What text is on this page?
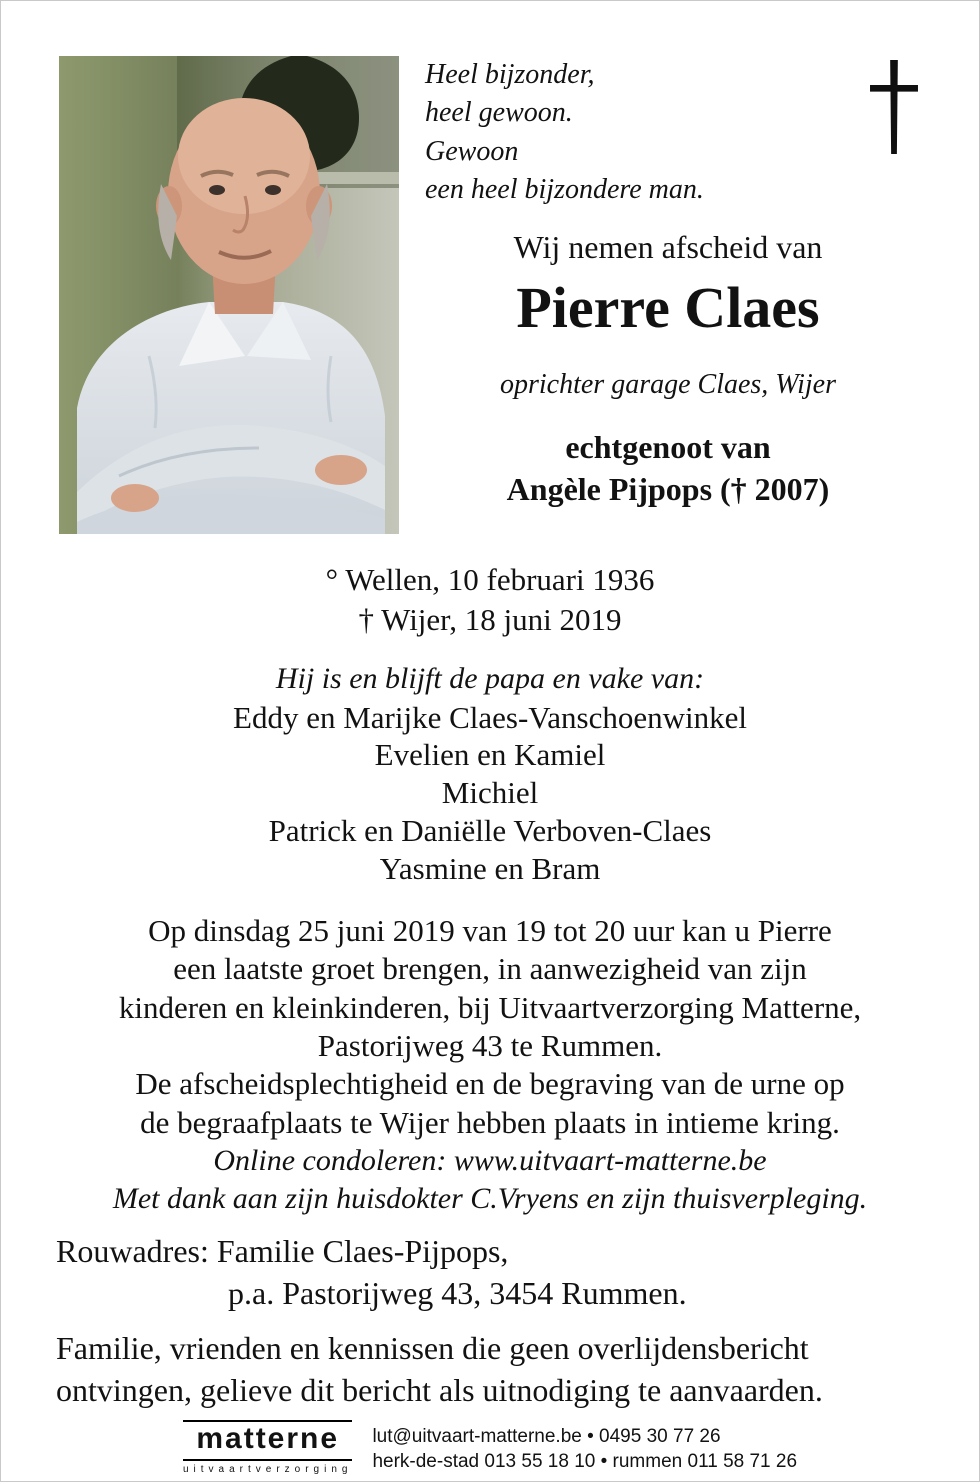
Heel bijzonder,
heel gewoon.
Gewoon
een heel bijzondere man.
Wij nemen afscheid van
Pierre Claes
oprichter garage Claes, Wijer
echtgenoot van
Angèle Pijpops († 2007)
° Wellen, 10 februari 1936
† Wijer, 18 juni 2019
Hij is en blijft de papa en vake van:
Eddy en Marijke Claes-Vanschoenwinkel
Evelien en Kamiel
Michiel
Patrick en Daniëlle Verboven-Claes
Yasmine en Bram
Op dinsdag 25 juni 2019 van 19 tot 20 uur kan u Pierre
een laatste groet brengen, in aanwezigheid van zijn
kinderen en kleinkinderen, bij Uitvaartverzorging Matterne,
Pastorijweg 43 te Rummen.
De afscheidsplechtigheid en de begraving van de urne op
de begraafplaats te Wijer hebben plaats in intieme kring.
Online condoleren: www.uitvaart-matterne.be
Met dank aan zijn huisdokter C.Vryens en zijn thuisverpleging.
Rouwadres: Familie Claes-Pijpops,
p.a. Pastorijweg 43, 3454 Rummen.
Familie, vrienden en kennissen die geen overlijdensbericht
ontvingen, gelieve dit bericht als uitnodiging te aanvaarden.
matterne
uitvaartverzorging
lut@uitvaart-matterne.be • 0495 30 77 26
herk-de-stad 013 55 18 10 • rummen 011 58 71 26
